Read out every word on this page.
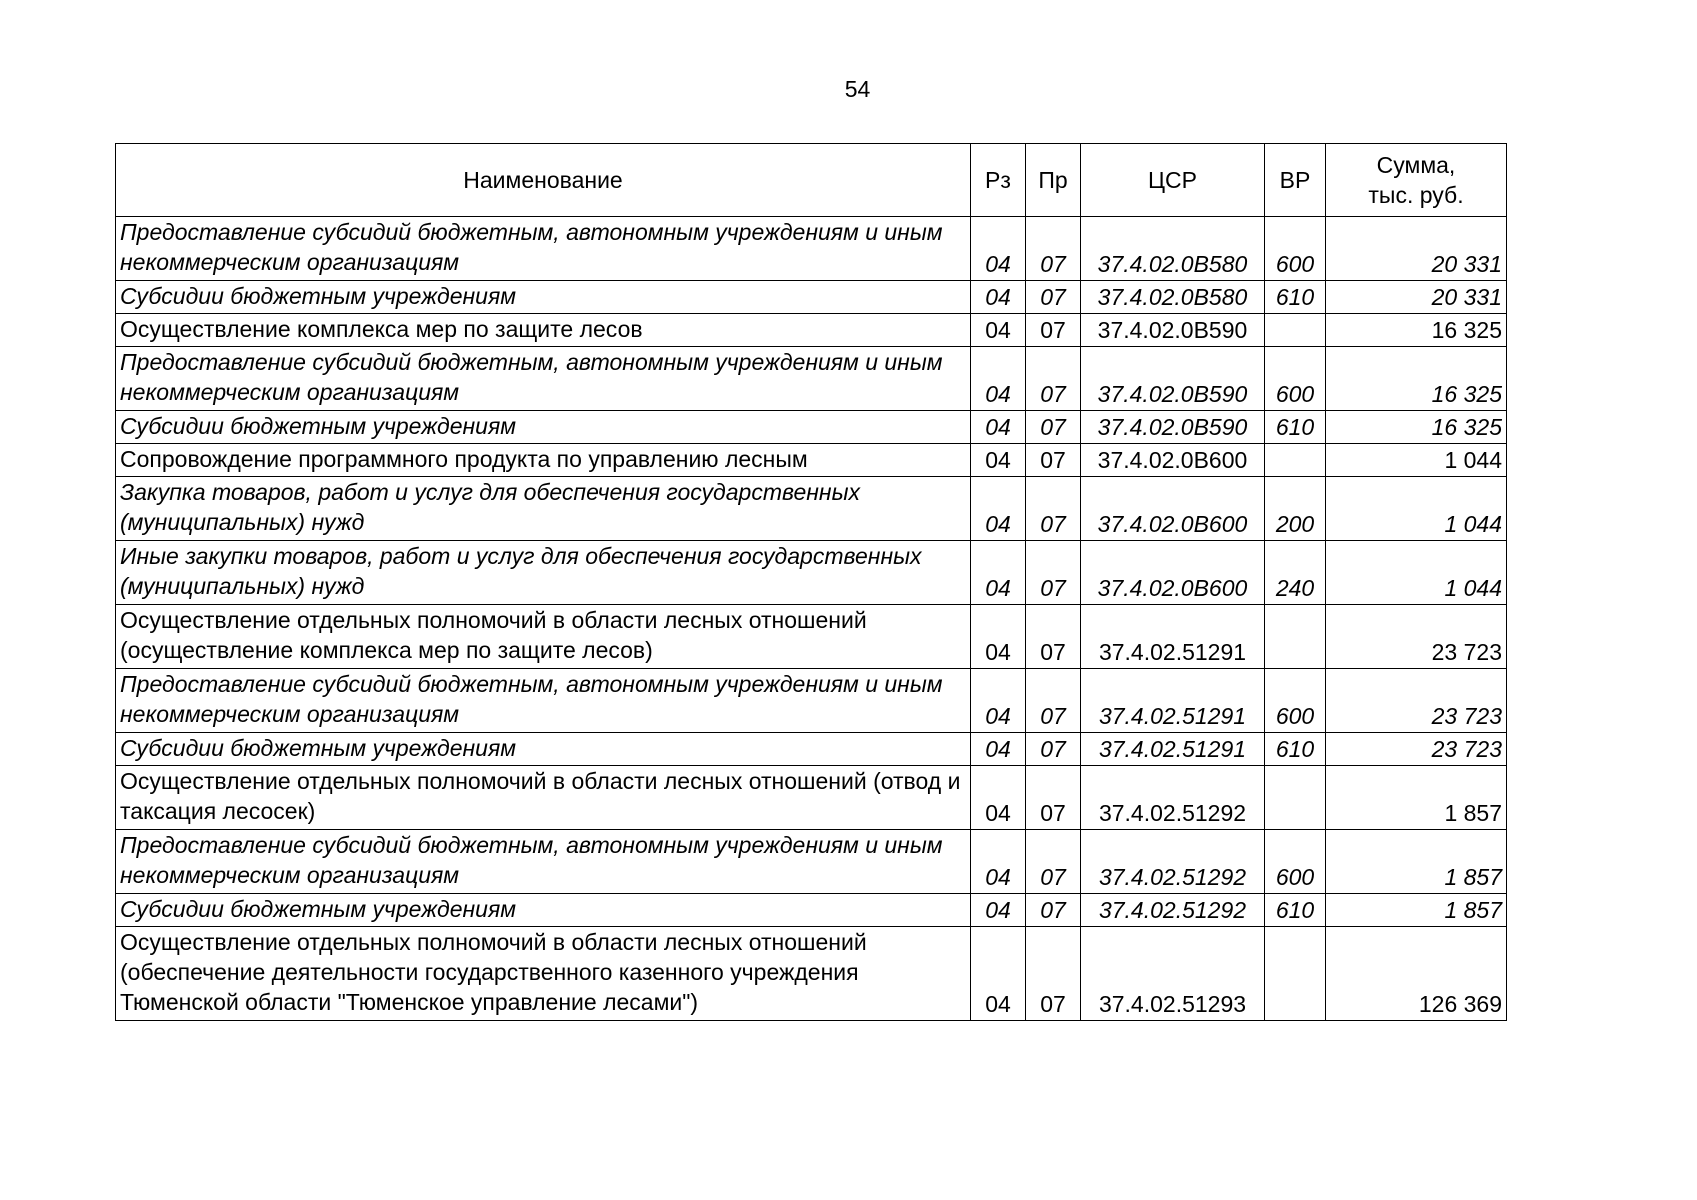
54
Наименование	Рз	Пр	ЦСР	ВР	Сумма,
тыс. руб.
Предоставление субсидий бюджетным, автономным учреждениям и иным некоммерческим организациям	04	07	37.4.02.0В580	600	20 331
Субсидии бюджетным учреждениям	04	07	37.4.02.0В580	610	20 331
Осуществление комплекса мер по защите лесов	04	07	37.4.02.0В590		16 325
Предоставление субсидий бюджетным, автономным учреждениям и иным некоммерческим организациям	04	07	37.4.02.0В590	600	16 325
Субсидии бюджетным учреждениям	04	07	37.4.02.0В590	610	16 325
Сопровождение программного продукта по управлению лесным	04	07	37.4.02.0В600		1 044
Закупка товаров, работ и услуг для обеспечения государственных (муниципальных) нужд	04	07	37.4.02.0В600	200	1 044
Иные закупки товаров, работ и услуг для обеспечения государственных (муниципальных) нужд	04	07	37.4.02.0В600	240	1 044
Осуществление отдельных полномочий в области лесных отношений (осуществление комплекса мер по защите лесов)	04	07	37.4.02.51291		23 723
Предоставление субсидий бюджетным, автономным учреждениям и иным некоммерческим организациям	04	07	37.4.02.51291	600	23 723
Субсидии бюджетным учреждениям	04	07	37.4.02.51291	610	23 723
Осуществление отдельных полномочий в области лесных отношений (отвод и таксация лесосек)	04	07	37.4.02.51292		1 857
Предоставление субсидий бюджетным, автономным учреждениям и иным некоммерческим организациям	04	07	37.4.02.51292	600	1 857
Субсидии бюджетным учреждениям	04	07	37.4.02.51292	610	1 857
Осуществление отдельных полномочий в области лесных отношений (обеспечение деятельности государственного казенного учреждения Тюменской области "Тюменское управление лесами")	04	07	37.4.02.51293		126 369
